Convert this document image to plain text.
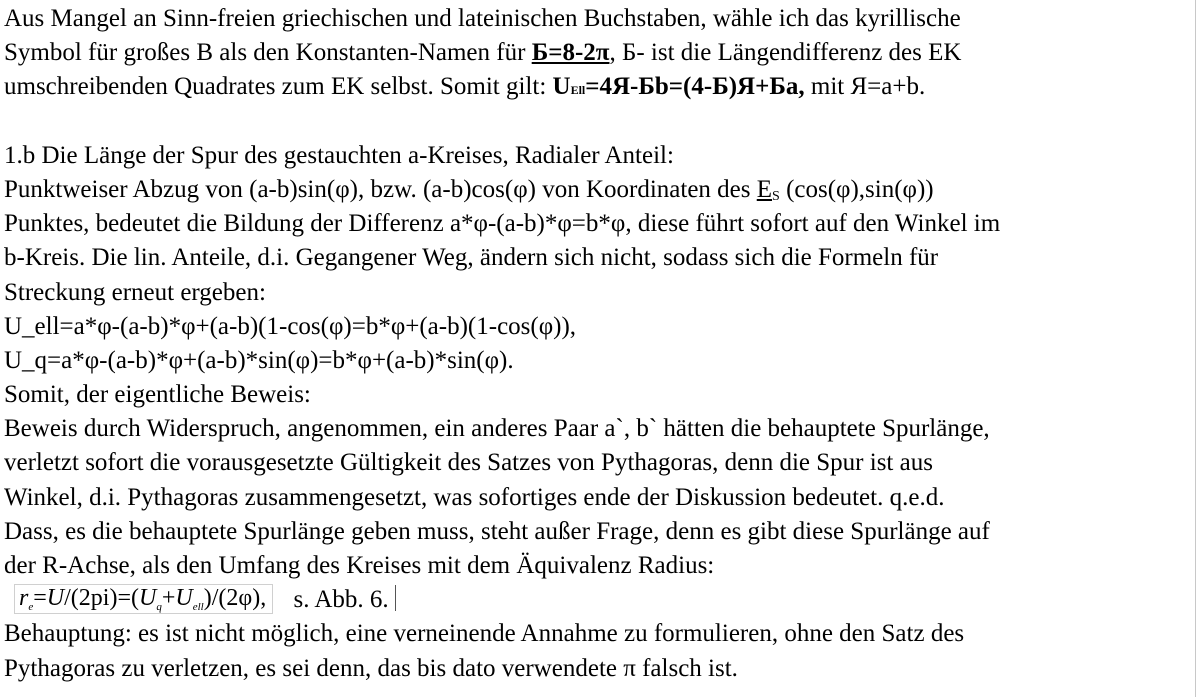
Aus Mangel an Sinn-freien griechischen und lateinischen Buchstaben, wähle ich das kyrillische
Symbol für großes B als den Konstanten-Namen für Б=8-2π, Б- ist die Längendifferenz des EK
umschreibenden Quadrates zum EK selbst. Somit gilt: UEll=4Я-Бb=(4-Б)Я+Бa, mit Я=a+b.
1.b Die Länge der Spur des gestauchten a-Kreises, Radialer Anteil:
Punktweiser Abzug von (a-b)sin(φ), bzw. (a-b)cos(φ) von Koordinaten des $E_S$ (cos(φ),sin(φ))
Punktes, bedeutet die Bildung der Differenz a*φ-(a-b)*φ=b*φ, diese führt sofort auf den Winkel im
b-Kreis. Die lin. Anteile, d.i. Gegangener Weg, ändern sich nicht, sodass sich die Formeln für
Streckung erneut ergeben:
U_ell=a*φ-(a-b)*φ+(a-b)(1-cos(φ)=b*φ+(a-b)(1-cos(φ)),
U_q=a*φ-(a-b)*φ+(a-b)*sin(φ)=b*φ+(a-b)*sin(φ).
Somit, der eigentliche Beweis:
Beweis durch Widerspruch, angenommen, ein anderes Paar a`, b` hätten die behauptete Spurlänge,
verletzt sofort die vorausgesetzte Gültigkeit des Satzes von Pythagoras, denn die Spur ist aus
Winkel, d.i. Pythagoras zusammengesetzt, was sofortiges ende der Diskussion bedeutet. q.e.d.
Dass, es die behauptete Spurlänge geben muss, steht außer Frage, denn es gibt diese Spurlänge auf
der R-Achse, als den Umfang des Kreises mit dem Äquivalenz Radius:
$r_e=U/(2pi)=(U_q+U_{ell})/(2\varphi)$, s. Abb. 6.
Behauptung: es ist nicht möglich, eine verneinende Annahme zu formulieren, ohne den Satz des
Pythagoras zu verletzen, es sei denn, das bis dato verwendete π falsch ist.
